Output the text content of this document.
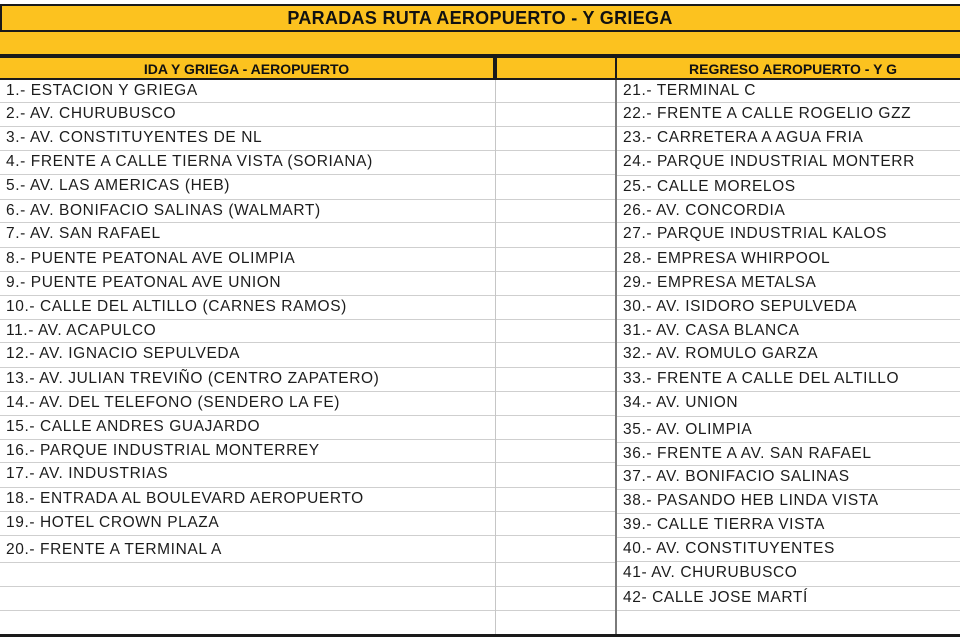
PARADAS RUTA AEROPUERTO - Y GRIEGA
IDA Y GRIEGA - AEROPUERTO	REGRESO AEROPUERTO - Y G
1.- ESTACION Y GRIEGA
2.- AV. CHURUBUSCO
3.- AV. CONSTITUYENTES DE NL
4.- FRENTE A CALLE TIERNA VISTA (SORIANA)
5.- AV. LAS AMERICAS (HEB)
6.- AV. BONIFACIO SALINAS (WALMART)
7.- AV. SAN RAFAEL
8.- PUENTE PEATONAL AVE OLIMPIA
9.- PUENTE PEATONAL AVE UNION
10.- CALLE DEL ALTILLO (CARNES RAMOS)
11.- AV. ACAPULCO
12.- AV. IGNACIO SEPULVEDA
13.- AV. JULIAN TREVIÑO (CENTRO ZAPATERO)
14.- AV. DEL TELEFONO (SENDERO LA FE)
15.- CALLE ANDRES GUAJARDO
16.- PARQUE INDUSTRIAL MONTERREY
17.- AV. INDUSTRIAS
18.- ENTRADA AL BOULEVARD AEROPUERTO
19.- HOTEL CROWN PLAZA
20.- FRENTE A TERMINAL A
21.- TERMINAL C
22.- FRENTE A CALLE ROGELIO GZZ
23.- CARRETERA A AGUA FRIA
24.- PARQUE INDUSTRIAL MONTERR
25.- CALLE MORELOS
26.- AV. CONCORDIA
27.- PARQUE INDUSTRIAL KALOS
28.- EMPRESA WHIRPOOL
29.- EMPRESA METALSA
30.- AV. ISIDORO SEPULVEDA
31.- AV. CASA BLANCA
32.- AV. ROMULO GARZA
33.- FRENTE A CALLE DEL ALTILLO
34.- AV. UNION
35.- AV. OLIMPIA
36.- FRENTE A AV. SAN RAFAEL
37.- AV. BONIFACIO SALINAS
38.- PASANDO HEB LINDA VISTA
39.- CALLE TIERRA VISTA
40.- AV. CONSTITUYENTES
41- AV. CHURUBUSCO
42- CALLE JOSE MARTÍ
